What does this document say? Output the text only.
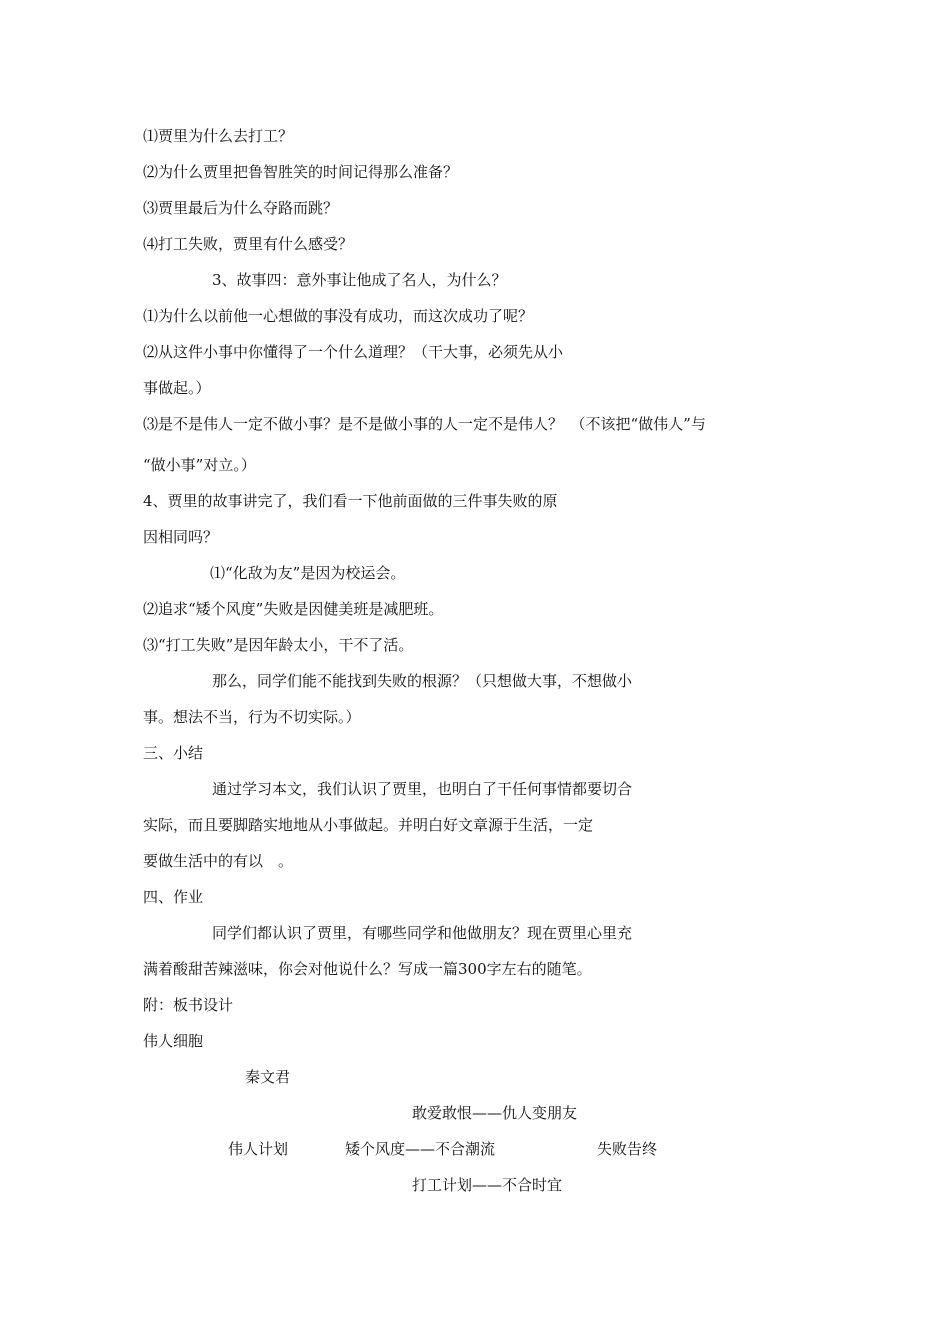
⑴贾里为什么去打工？
⑵为什么贾里把鲁智胜笑的时间记得那么准备？
⑶贾里最后为什么夺路而跳？
⑷打工失败，贾里有什么感受？
3、故事四：意外事让他成了名人，为什么？
⑴为什么以前他一心想做的事没有成功，而这次成功了呢？
⑵从这件小事中你懂得了一个什么道理？（干大事，必须先从小
事做起。）
⑶是不是伟人一定不做小事？是不是做小事的人一定不是伟人？　（不该把“做伟人”与
“做小事”对立。）
4、贾里的故事讲完了，我们看一下他前面做的三件事失败的原
因相同吗？
⑴“化敌为友”是因为校运会。
⑵追求“矮个风度”失败是因健美班是减肥班。
⑶“打工失败”是因年龄太小，干不了活。
那么，同学们能不能找到失败的根源？（只想做大事，不想做小
事。想法不当，行为不切实际。）
三、小结
通过学习本文，我们认识了贾里，也明白了干任何事情都要切合
实际，而且要脚踏实地地从小事做起。并明白好文章源于生活，一定
要做生活中的有以　。
四、作业
同学们都认识了贾里，有哪些同学和他做朋友？现在贾里心里充
满着酸甜苦辣滋味，你会对他说什么？写成一篇300字左右的随笔。
附：板书设计
伟人细胞
秦文君
敢爱敢恨——仇人变朋友
伟人计划	矮个风度——不合潮流	失败告终
打工计划——不合时宜
